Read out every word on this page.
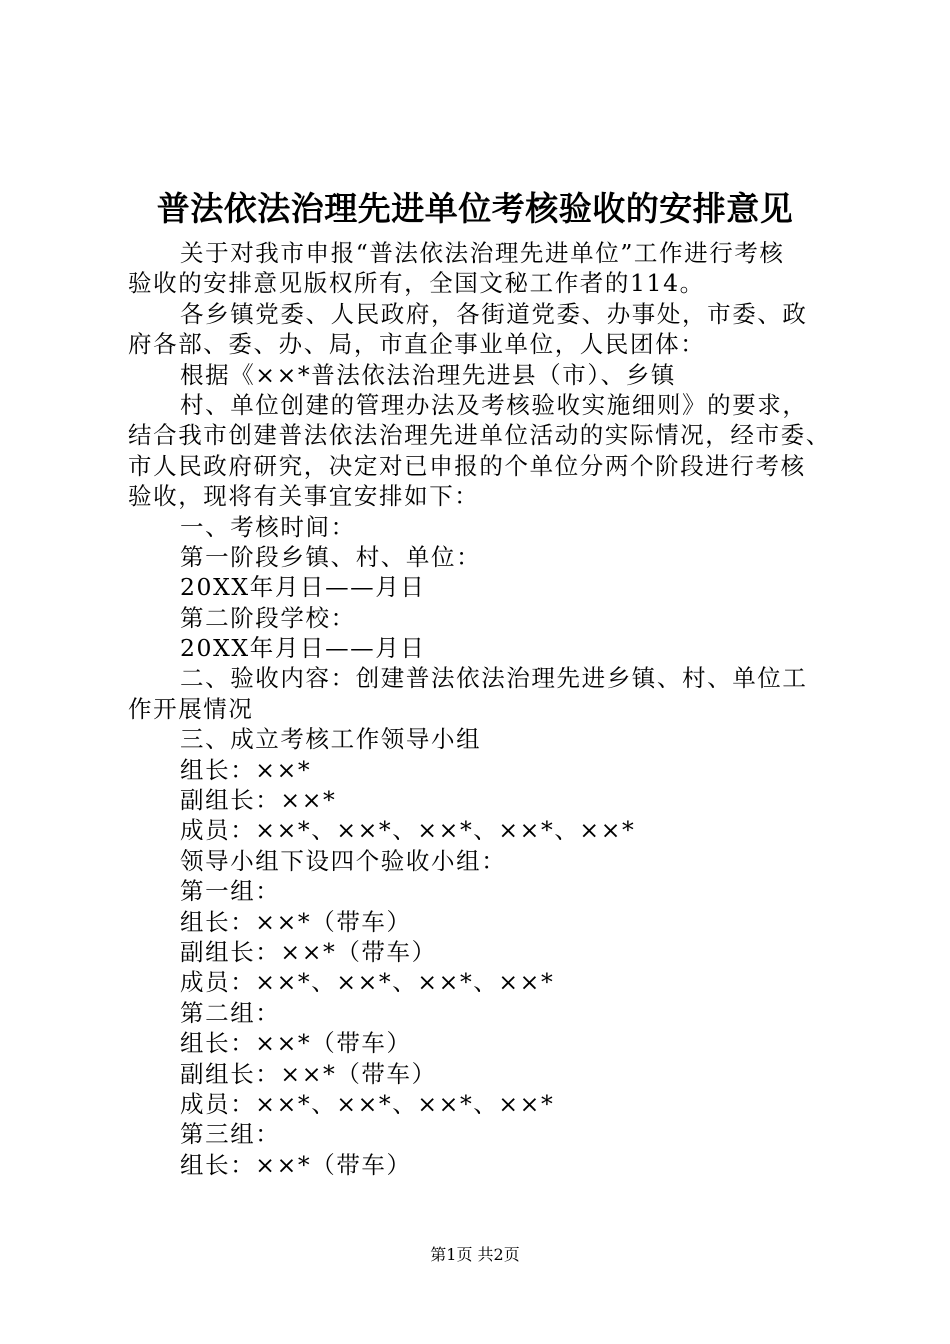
普法依法治理先进单位考核验收的安排意见
关于对我市申报“普法依法治理先进单位”工作进行考核
验收的安排意见版权所有，全国文秘工作者的114。
各乡镇党委、人民政府，各街道党委、办事处，市委、政
府各部、委、办、局，市直企事业单位，人民团体：
根据《××*普法依法治理先进县（市）、乡镇
村、单位创建的管理办法及考核验收实施细则》的要求，
结合我市创建普法依法治理先进单位活动的实际情况，经市委、
市人民政府研究，决定对已申报的个单位分两个阶段进行考核
验收，现将有关事宜安排如下：
一、考核时间：
第一阶段乡镇、村、单位：
20XX年月日——月日
第二阶段学校：
20XX年月日——月日
二、验收内容：创建普法依法治理先进乡镇、村、单位工
作开展情况
三、成立考核工作领导小组
组长：××*
副组长：××*
成员：××*、××*、××*、××*、××*
领导小组下设四个验收小组：
第一组：
组长：××*（带车）
副组长：××*（带车）
成员：××*、××*、××*、××*
第二组：
组长：××*（带车）
副组长：××*（带车）
成员：××*、××*、××*、××*
第三组：
组长：××*（带车）
第1页 共2页
